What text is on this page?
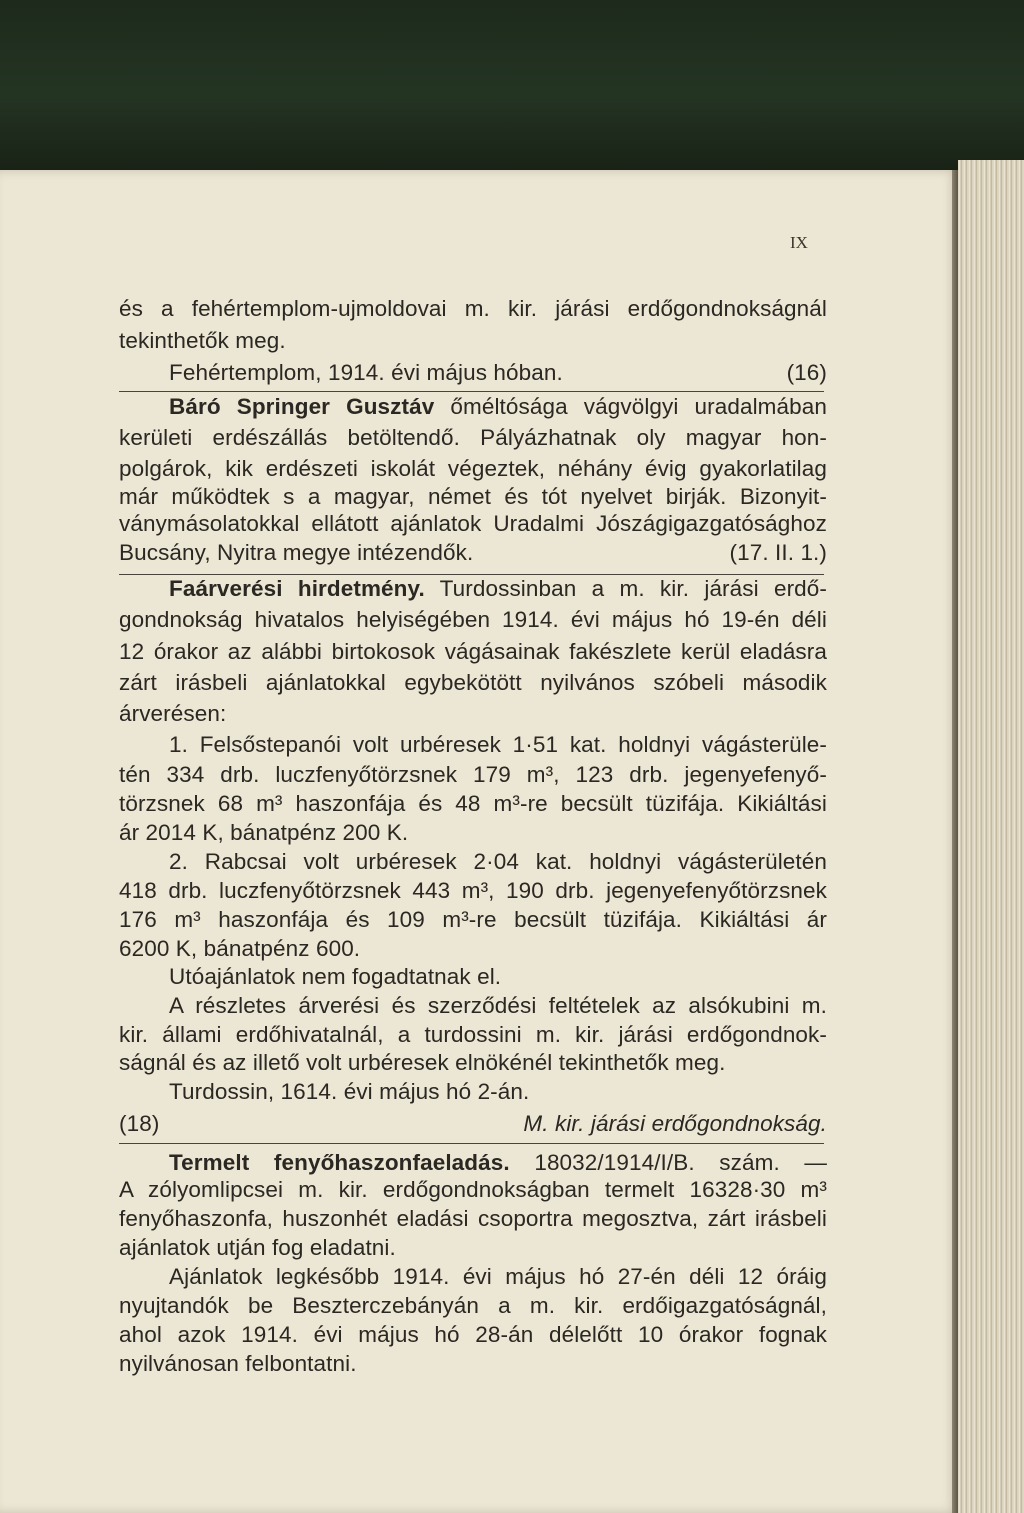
IX
és a fehértemplom-ujmoldovai m. kir. járási erdőgondnokságnál
tekinthetők meg.
Fehértemplom, 1914. évi május hóban.	(16)
Báró Springer Gusztáv őméltósága vágvölgyi uradalmában
kerületi erdészállás betöltendő. Pályázhatnak oly magyar hon-
polgárok, kik erdészeti iskolát végeztek, néhány évig gyakorlatilag
már működtek s a magyar, német és tót nyelvet birják. Bizonyit-
ványmásolatokkal ellátott ajánlatok Uradalmi Jószágigazgatósághoz
Bucsány, Nyitra megye intézendők.	(17. II. 1.)
Faárverési hirdetmény. Turdossinban a m. kir. járási erdő-
gondnokság hivatalos helyiségében 1914. évi május hó 19-én déli
12 órakor az alábbi birtokosok vágásainak fakészlete kerül eladásra
zárt irásbeli ajánlatokkal egybekötött nyilvános szóbeli második
árverésen:
1. Felsőstepanói volt urbéresek 1·51 kat. holdnyi vágásterüle-
tén 334 drb. luczfenyőtörzsnek 179 m³, 123 drb. jegenyefenyő-
törzsnek 68 m³ haszonfája és 48 m³-re becsült tüzifája. Kikiáltási
ár 2014 K, bánatpénz 200 K.
2. Rabcsai volt urbéresek 2·04 kat. holdnyi vágásterületén
418 drb. luczfenyőtörzsnek 443 m³, 190 drb. jegenyefenyőtörzsnek
176 m³ haszonfája és 109 m³-re becsült tüzifája. Kikiáltási ár
6200 K, bánatpénz 600.
Utóajánlatok nem fogadtatnak el.
A részletes árverési és szerződési feltételek az alsókubini m.
kir. állami erdőhivatalnál, a turdossini m. kir. járási erdőgondnok-
ságnál és az illető volt urbéresek elnökénél tekinthetők meg.
Turdossin, 1614. évi május hó 2-án.
(18)	M. kir. járási erdőgondnokság.
Termelt fenyőhaszonfaeladás. 18032/1914/I/B. szám. —
A zólyomlipcsei m. kir. erdőgondnokságban termelt 16328·30 m³
fenyőhaszonfa, huszonhét eladási csoportra megosztva, zárt irásbeli
ajánlatok utján fog eladatni.
Ajánlatok legkésőbb 1914. évi május hó 27-én déli 12 óráig
nyujtandók be Beszterczebányán a m. kir. erdőigazgatóságnál,
ahol azok 1914. évi május hó 28-án délelőtt 10 órakor fognak
nyilvánosan felbontatni.
